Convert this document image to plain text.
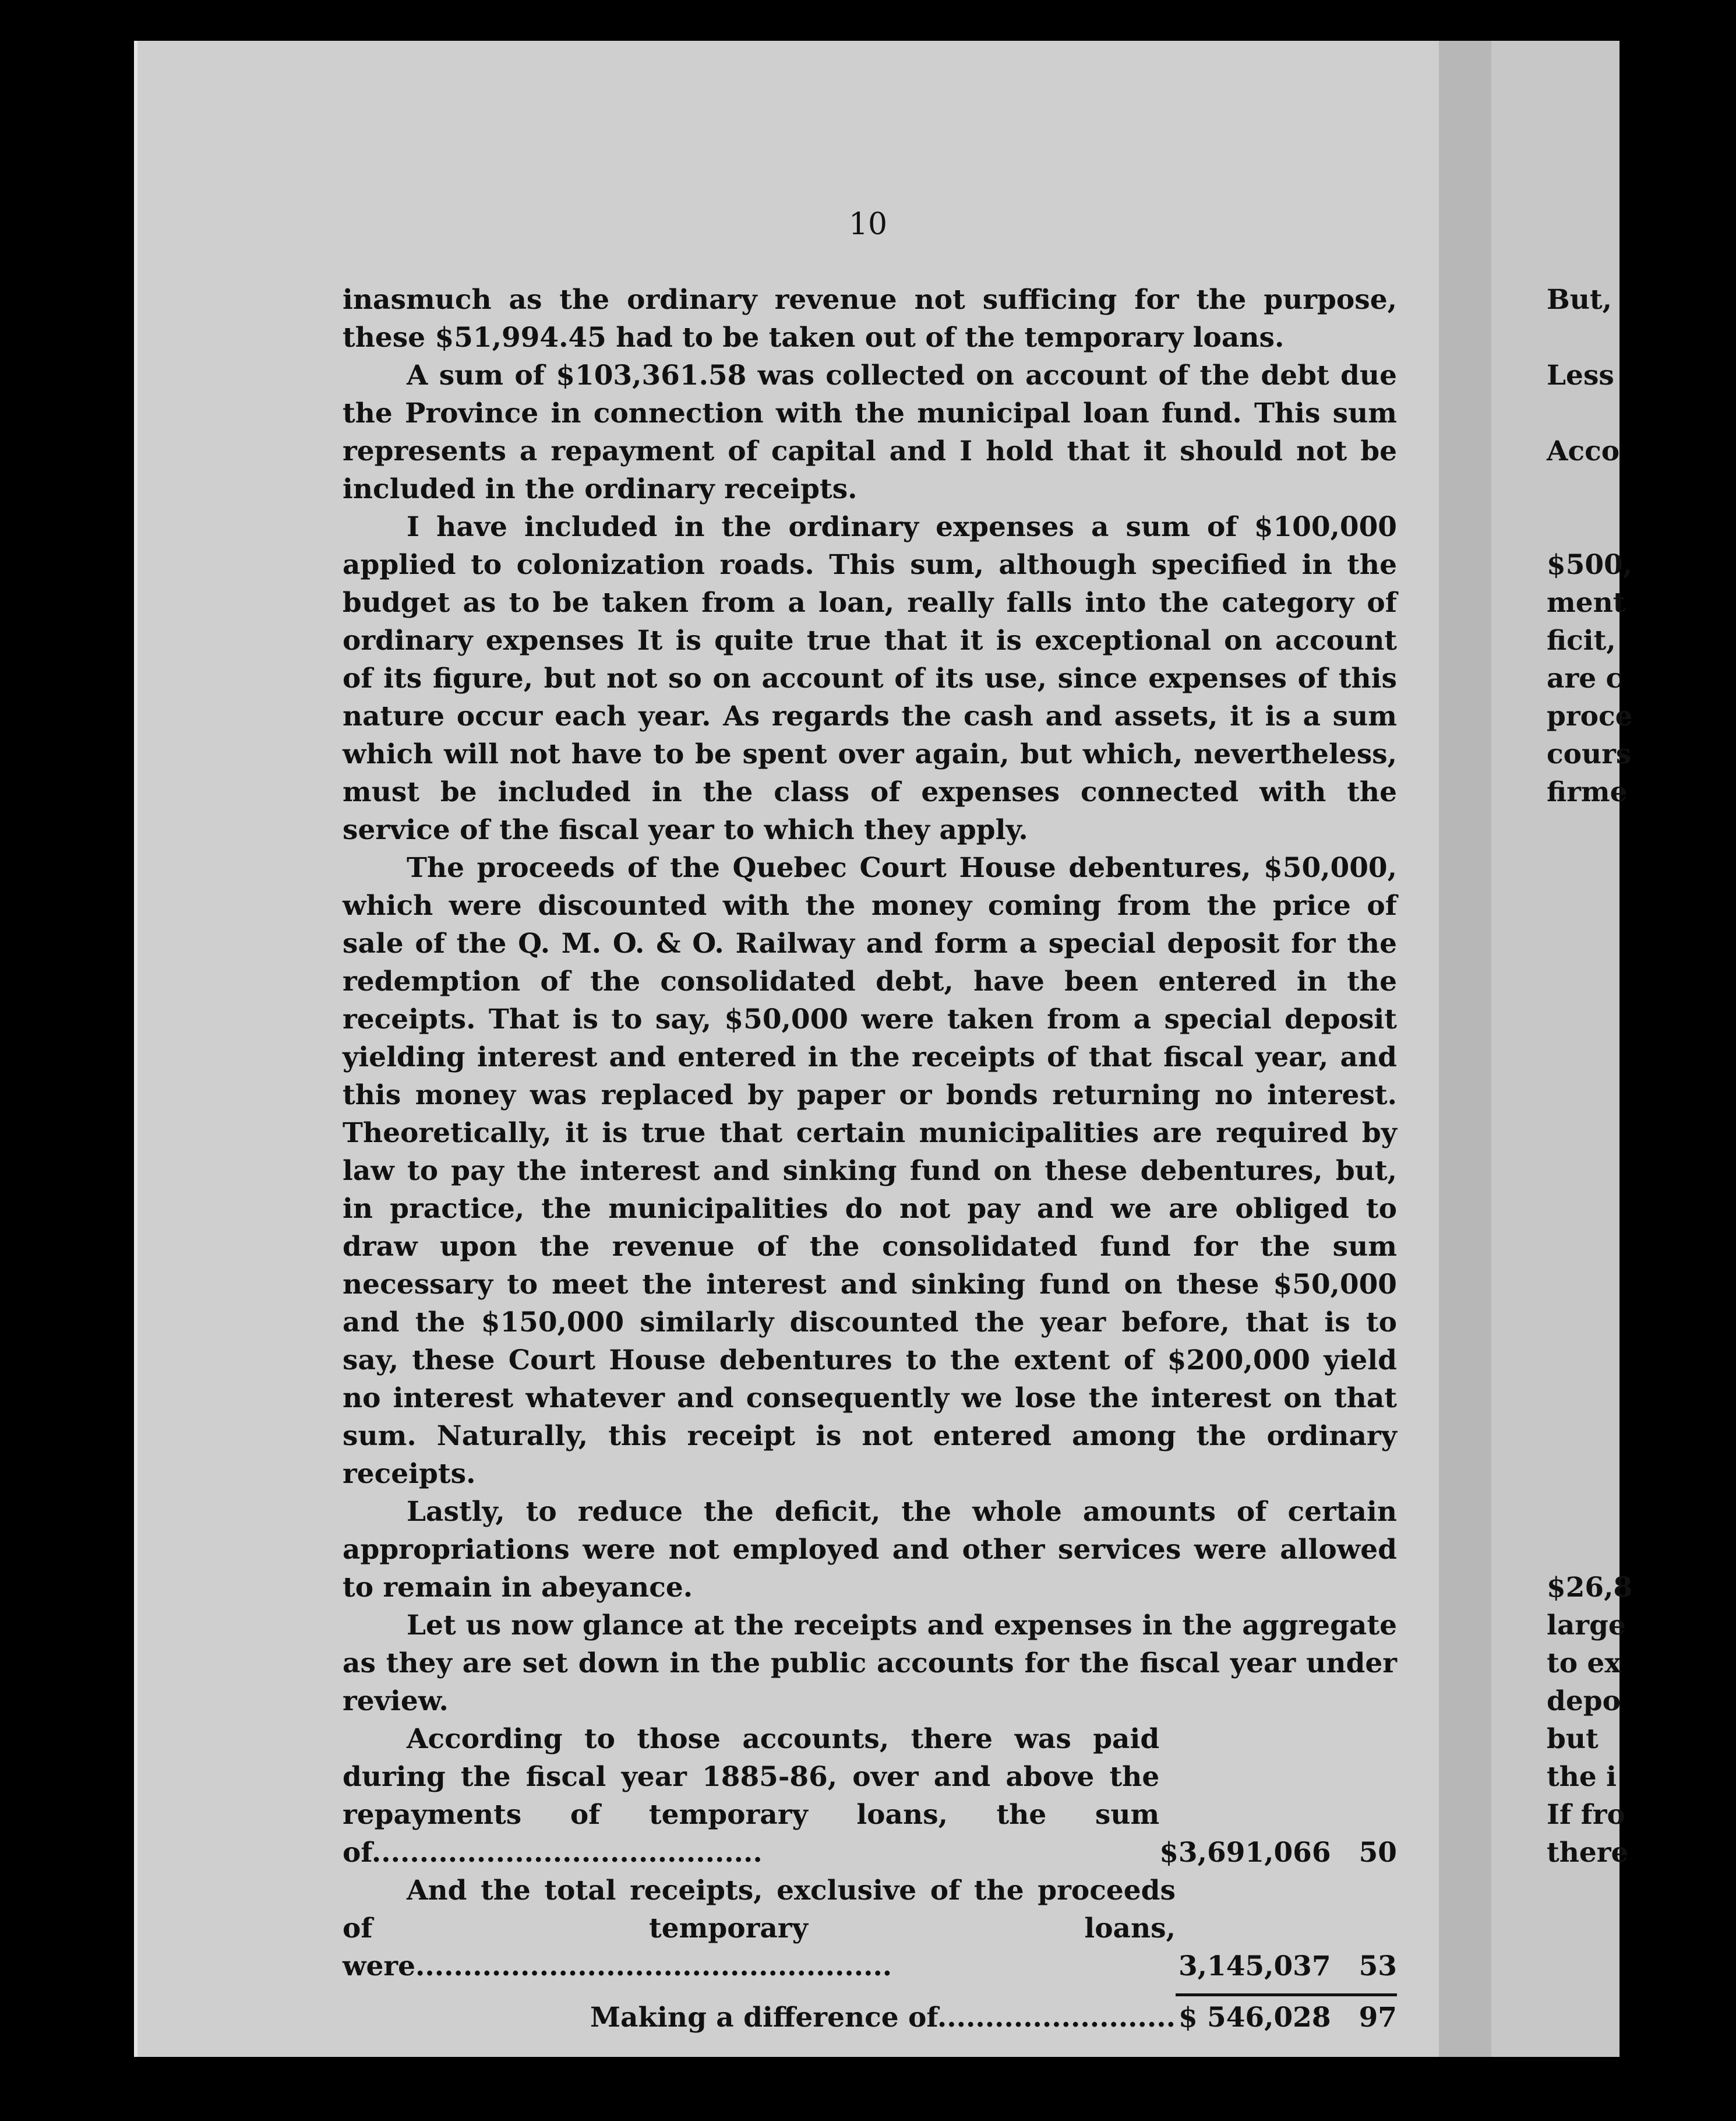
10

inasmuch as the ordinary revenue not sufficing for the purpose, these $51,994.45 had to be taken out of the temporary loans.

A sum of $103,361.58 was collected on account of the debt due the Province in connection with the municipal loan fund. This sum represents a repayment of capital and I hold that it should not be included in the ordinary receipts.

I have included in the ordinary expenses a sum of $100,000 applied to colonization roads. This sum, although specified in the budget as to be taken from a loan, really falls into the category of ordinary expenses It is quite true that it is exceptional on account of its figure, but not so on account of its use, since expenses of this nature occur each year. As regards the cash and assets, it is a sum which will not have to be spent over again, but which, nevertheless, must be included in the class of expenses connected with the service of the fiscal year to which they apply.

The proceeds of the Quebec Court House debentures, $50,000, which were discounted with the money coming from the price of sale of the Q. M. O. & O. Railway and form a special deposit for the redemption of the consolidated debt, have been entered in the receipts. That is to say, $50,000 were taken from a special deposit yielding interest and entered in the receipts of that fiscal year, and this money was replaced by paper or bonds returning no interest. Theoretically, it is true that certain municipalities are required by law to pay the interest and sinking fund on these debentures, but, in practice, the municipalities do not pay and we are obliged to draw upon the revenue of the consolidated fund for the sum necessary to meet the interest and sinking fund on these $50,000 and the $150,000 similarly discounted the year before, that is to say, these Court House debentures to the extent of $200,000 yield no interest whatever and consequently we lose the interest on that sum. Naturally, this receipt is not entered among the ordinary receipts.

Lastly, to reduce the deficit, the whole amounts of certain appropriations were not employed and other services were allowed to remain in abeyance.

Let us now glance at the receipts and expenses in the aggregate as they are set down in the public accounts for the fiscal year under review.

According to those accounts, there was paid during the fiscal year 1885-86, over and above the repayments of temporary loans, the sum of.........................................	$3,691,066 50
And the total receipts, exclusive of the proceeds of temporary loans, were..................................................	3,145,037 53
Making a difference of......................... $ 546,028 97
But,
Less
Acco
$500,
ment
ficit,
are c
proce
cours
firme
$26,8
large
to ex
depo
but
the i
If fro
there
